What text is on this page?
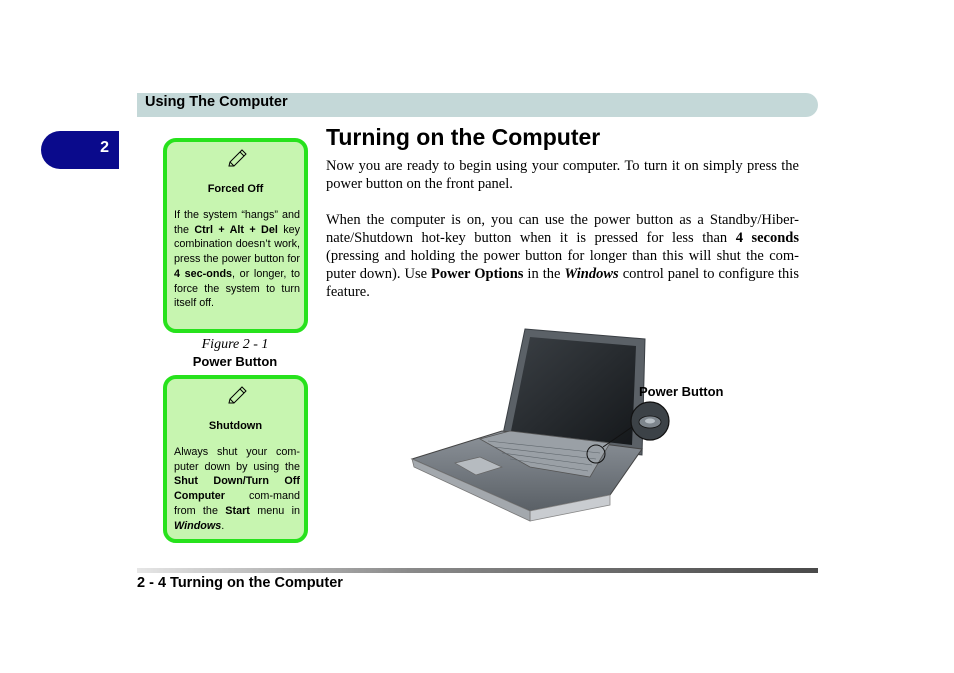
Using The Computer
2	Turning on the Computer

Now you are ready to begin using your computer. To turn it on simply press the power button on the front panel.

When the computer is on, you can use the power button as a Standby/Hiber-nate/Shutdown hot-key button when it is pressed for less than 4 seconds (pressing and holding the power button for longer than this will shut the com-puter down). Use Power Options in the Windows control panel to configure this feature.

Forced Off
If the system “hangs” and the Ctrl + Alt + Del key combination doesn’t work, press the power button for 4 sec-onds, or longer, to force the system to turn itself off.
Figure 2 - 1
Power Button
Shutdown
Always shut your com-puter down by using the Shut Down/Turn Off Computer com-mand from the Start menu in Windows.
Power Button
2 - 4 Turning on the Computer
